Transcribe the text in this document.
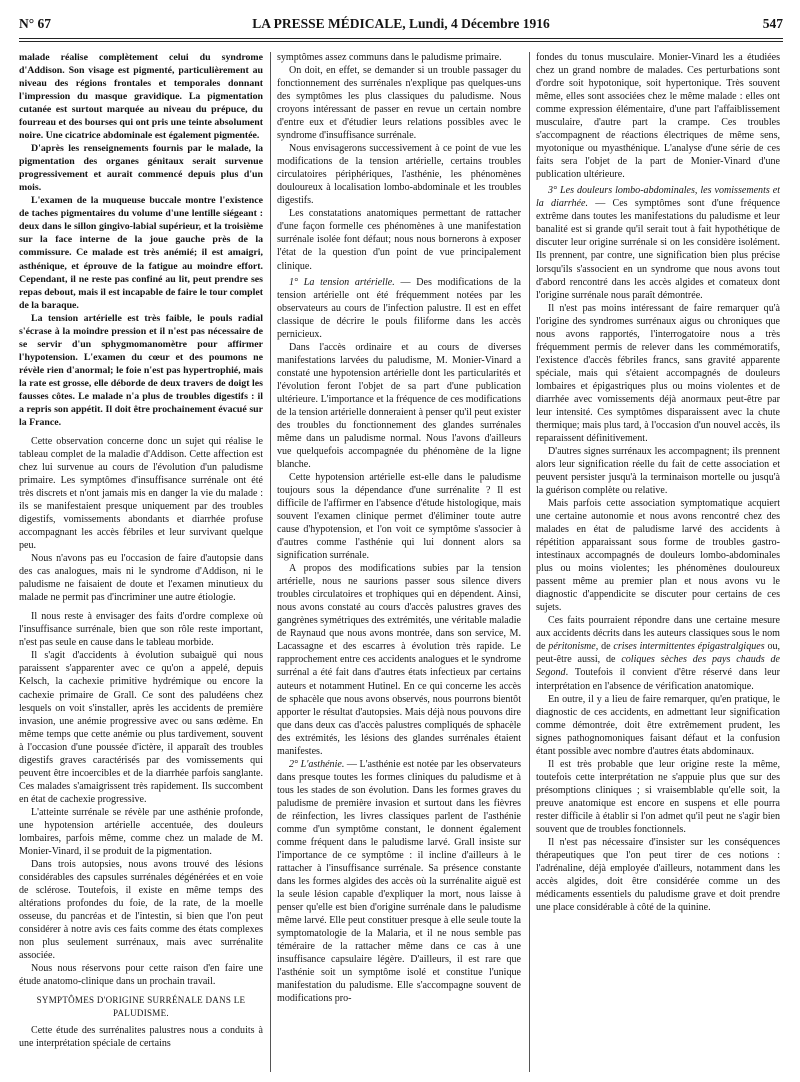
N° 67	LA PRESSE MÉDICALE, Lundi, 4 Décembre 1916	547

malade réalise complètement celui du syndrome d'Addison. Son visage est pigmenté, particulièrement au niveau des régions frontales et temporales donnant l'impression du masque gravidique. La pigmentation cutanée est surtout marquée au niveau du prépuce, du fourreau et des bourses qui ont pris une teinte absolument noire. Une cicatrice abdominale est également pigmentée.

D'après les renseignements fournis par le malade, la pigmentation des organes génitaux serait survenue progressivement et aurait commencé depuis plus d'un mois.

L'examen de la muqueuse buccale montre l'existence de taches pigmentaires du volume d'une lentille siégeant : deux dans le sillon gingivo-labial supérieur, et la troisième sur la face interne de la joue gauche près de la commissure. Ce malade est très anémié; il est amaigri, asthénique, et éprouve de la fatigue au moindre effort. Cependant, il ne reste pas confiné au lit, peut prendre ses repas debout, mais il est incapable de faire le tour complet de la baraque.

La tension artérielle est très faible, le pouls radial s'écrase à la moindre pression et il n'est pas nécessaire de se servir d'un sphygmomanomètre pour affirmer l'hypotension. L'examen du cœur et des poumons ne révèle rien d'anormal; le foie n'est pas hypertrophié, mais la rate est grosse, elle déborde de deux travers de doigt les fausses côtes. Le malade n'a plus de troubles digestifs : il a repris son appétit. Il doit être prochainement évacué sur la France.

Cette observation concerne donc un sujet qui réalise le tableau complet de la maladie d'Addison. Cette affection est chez lui survenue au cours de l'évolution d'un paludisme primaire. Les symptômes d'insuffisance surrénale ont été très discrets et n'ont jamais mis en danger la vie du malade : ils se manifestaient presque uniquement par des troubles digestifs, vomissements abondants et diarrhée profuse accompagnant les accès fébriles et leur survivant quelque peu.

Nous n'avons pas eu l'occasion de faire d'autopsie dans des cas analogues, mais ni le syndrome d'Addison, ni le paludisme ne faisaient de doute et l'examen minutieux du malade ne permit pas d'incriminer une autre étiologie.

Il nous reste à envisager des faits d'ordre complexe où l'insuffisance surrénale, bien que son rôle reste important, n'est pas seule en cause dans le tableau morbide.

Il s'agit d'accidents à évolution subaiguë qui nous paraissent s'apparenter avec ce qu'on a appelé, depuis Kelsch, la cachexie primitive hydrémique ou encore la cachexie primaire de Grall. Ce sont des paludéens chez lesquels on voit s'installer, après les accidents de première invasion, une anémie progressive avec ou sans œdème. En même temps que cette anémie ou plus tardivement, souvent à l'occasion d'une poussée d'ictère, il apparaît des troubles digestifs graves caractérisés par des vomissements qui peuvent être incoercibles et de la diarrhée parfois sanglante. Ces malades s'amaigrissent très rapidement. Ils succombent en état de cachexie progressive.

L'atteinte surrénale se révèle par une asthénie profonde, une hypotension artérielle accentuée, des douleurs lombaires, parfois même, comme chez un malade de M. Monier-Vinard, il se produit de la pigmentation.

Dans trois autopsies, nous avons trouvé des lésions considérables des capsules surrénales dégénérées et en voie de sclérose. Toutefois, il existe en même temps des altérations profondes du foie, de la rate, de la moelle osseuse, du pancréas et de l'intestin, si bien que l'on peut considérer à notre avis ces faits comme des états complexes non plus seulement surrénaux, mais avec surrénalite associée.

Nous nous réservons pour cette raison d'en faire une étude anatomo-clinique dans un prochain travail.

SYMPTÔMES D'ORIGINE SURRÉNALE DANS LE PALUDISME.

Cette étude des surrénalites palustres nous a conduits à une interprétation spéciale de certains

symptômes assez communs dans le paludisme primaire.

On doit, en effet, se demander si un trouble passager du fonctionnement des surrénales n'explique pas quelques-uns des symptômes les plus classiques du paludisme. Nous croyons intéressant de passer en revue un certain nombre d'entre eux et d'étudier leurs relations possibles avec le syndrome d'insuffisance surrénale.

Nous envisagerons successivement à ce point de vue les modifications de la tension artérielle, certains troubles circulatoires périphériques, l'asthénie, les phénomènes douloureux à localisation lombo-abdominale et les troubles digestifs.

Les constatations anatomiques permettant de rattacher d'une façon formelle ces phénomènes à une manifestation surrénale isolée font défaut; nous nous bornerons à exposer l'état de la question d'un point de vue principalement clinique.

1° La tension artérielle. — Des modifications de la tension artérielle ont été fréquemment notées par les observateurs au cours de l'infection palustre. Il est en effet classique de décrire le pouls filiforme dans les accès pernicieux.

Dans l'accès ordinaire et au cours de diverses manifestations larvées du paludisme, M. Monier-Vinard a constaté une hypotension artérielle dont les particularités et l'évolution feront l'objet de sa part d'une publication ultérieure. L'importance et la fréquence de ces modifications de la tension artérielle donneraient à penser qu'il peut exister des troubles du fonctionnement des glandes surrénales même dans un paludisme normal. Nous l'avons d'ailleurs vue quelquefois accompagnée du phénomène de la ligne blanche.

Cette hypotension artérielle est-elle dans le paludisme toujours sous la dépendance d'une surrénalite ? Il est difficile de l'affirmer en l'absence d'étude histologique, mais souvent l'examen clinique permet d'éliminer toute autre cause d'hypotension, et l'on voit ce symptôme s'associer à d'autres comme l'asthénie qui lui donnent alors sa signification surrénale.

A propos des modifications subies par la tension artérielle, nous ne saurions passer sous silence divers troubles circulatoires et trophiques qui en dépendent. Ainsi, nous avons constaté au cours d'accès palustres graves des gangrènes symétriques des extrémités, une véritable maladie de Raynaud que nous avons montrée, dans son service, M. Lacassagne et des escarres à évolution très rapide. Le rapprochement entre ces accidents analogues et le syndrome surrénal a été fait dans d'autres états infectieux par certains auteurs et notamment Hutinel. En ce qui concerne les accès de sphacèle que nous avons observés, nous pourrons bientôt apporter le résultat d'autopsies. Mais déjà nous pouvons dire que dans deux cas d'accès palustres compliqués de sphacèle des extrémités, les lésions des glandes surrénales étaient manifestes.

2° L'asthénie. — L'asthénie est notée par les observateurs dans presque toutes les formes cliniques du paludisme et à tous les stades de son évolution. Dans les formes graves du paludisme de première invasion et surtout dans les fièvres de réinfection, les livres classiques parlent de l'asthénie comme d'un symptôme constant, le donnent également comme fréquent dans le paludisme larvé. Grall insiste sur l'importance de ce symptôme : il incline d'ailleurs à le rattacher à l'insuffisance surrénale. Sa présence constante dans les formes algides des accès où la surrénalite aiguë est la seule lésion capable d'expliquer la mort, nous laisse à penser qu'elle est bien d'origine surrénale dans le paludisme même larvé. Elle peut constituer presque à elle seule toute la symptomatologie de la Malaria, et il ne nous semble pas téméraire de la rattacher même dans ce cas à une insuffisance capsulaire légère. D'ailleurs, il est rare que l'asthénie soit un symptôme isolé et constitue l'unique manifestation du paludisme. Elle s'accompagne souvent de modifications pro-

fondes du tonus musculaire. Monier-Vinard les a étudiées chez un grand nombre de malades. Ces perturbations sont d'ordre soit hypotonique, soit hypertonique. Très souvent même, elles sont associées chez le même malade : elles ont comme expression élémentaire, d'une part l'affaiblissement musculaire, d'autre part la crampe. Ces troubles s'accompagnent de réactions électriques de même sens, myotonique ou myasthénique. L'analyse d'une série de ces faits sera l'objet de la part de Monier-Vinard d'une publication ultérieure.

3° Les douleurs lombo-abdominales, les vomissements et la diarrhée. — Ces symptômes sont d'une fréquence extrême dans toutes les manifestations du paludisme et leur banalité est si grande qu'il serait tout à fait hypothétique de discuter leur origine surrénale si on les considère isolément. Ils prennent, par contre, une signification bien plus précise lorsqu'ils s'associent en un syndrome que nous avons tout d'abord rencontré dans les accès algides et comateux dont l'origine surrénale nous paraît démontrée.

Il n'est pas moins intéressant de faire remarquer qu'à l'origine des syndromes surrénaux aigus ou chroniques que nous avons rapportés, l'interrogatoire nous a très fréquemment permis de relever dans les commémoratifs, l'existence d'accès fébriles francs, sans gravité apparente spéciale, mais qui s'étaient accompagnés de douleurs lombaires et épigastriques plus ou moins violentes et de diarrhée avec vomissements déjà anormaux peut-être par leur intensité. Ces symptômes disparaissent avec la chute thermique; mais plus tard, à l'occasion d'un nouvel accès, ils reparaissent définitivement.

D'autres signes surrénaux les accompagnent; ils prennent alors leur signification réelle du fait de cette association et peuvent persister jusqu'à la terminaison mortelle ou jusqu'à la guérison complète ou relative.

Mais parfois cette association symptomatique acquiert une certaine autonomie et nous avons rencontré chez des malades en état de paludisme larvé des accidents à répétition apparaissant sous forme de troubles gastro-intestinaux accompagnés de douleurs lombo-abdominales plus ou moins violentes; les phénomènes douloureux passent même au premier plan et nous avons vu le diagnostic d'appendicite se discuter pour certains de ces sujets.

Ces faits pourraient répondre dans une certaine mesure aux accidents décrits dans les auteurs classiques sous le nom de péritonisme, de crises intermittentes épigastralgiques ou, peut-être aussi, de coliques sèches des pays chauds de Segond. Toutefois il convient d'être réservé dans leur interprétation en l'absence de vérification anatomique.

En outre, il y a lieu de faire remarquer, qu'en pratique, le diagnostic de ces accidents, en admettant leur signification comme démontrée, doit être extrêmement prudent, les signes pathognomoniques faisant défaut et la confusion étant possible avec nombre d'autres états abdominaux.

Il est très probable que leur origine reste la même, toutefois cette interprétation ne s'appuie plus que sur des présomptions cliniques ; si vraisemblable qu'elle soit, la preuve anatomique est encore en suspens et elle pourra rester difficile à établir si l'on admet qu'il peut ne s'agir bien souvent que de troubles fonctionnels.

Il n'est pas nécessaire d'insister sur les conséquences thérapeutiques que l'on peut tirer de ces notions : l'adrénaline, déjà employée d'ailleurs, notamment dans les accès algides, doit être considérée comme un des médicaments essentiels du paludisme grave et doit prendre une place considérable à côté de la quinine.
